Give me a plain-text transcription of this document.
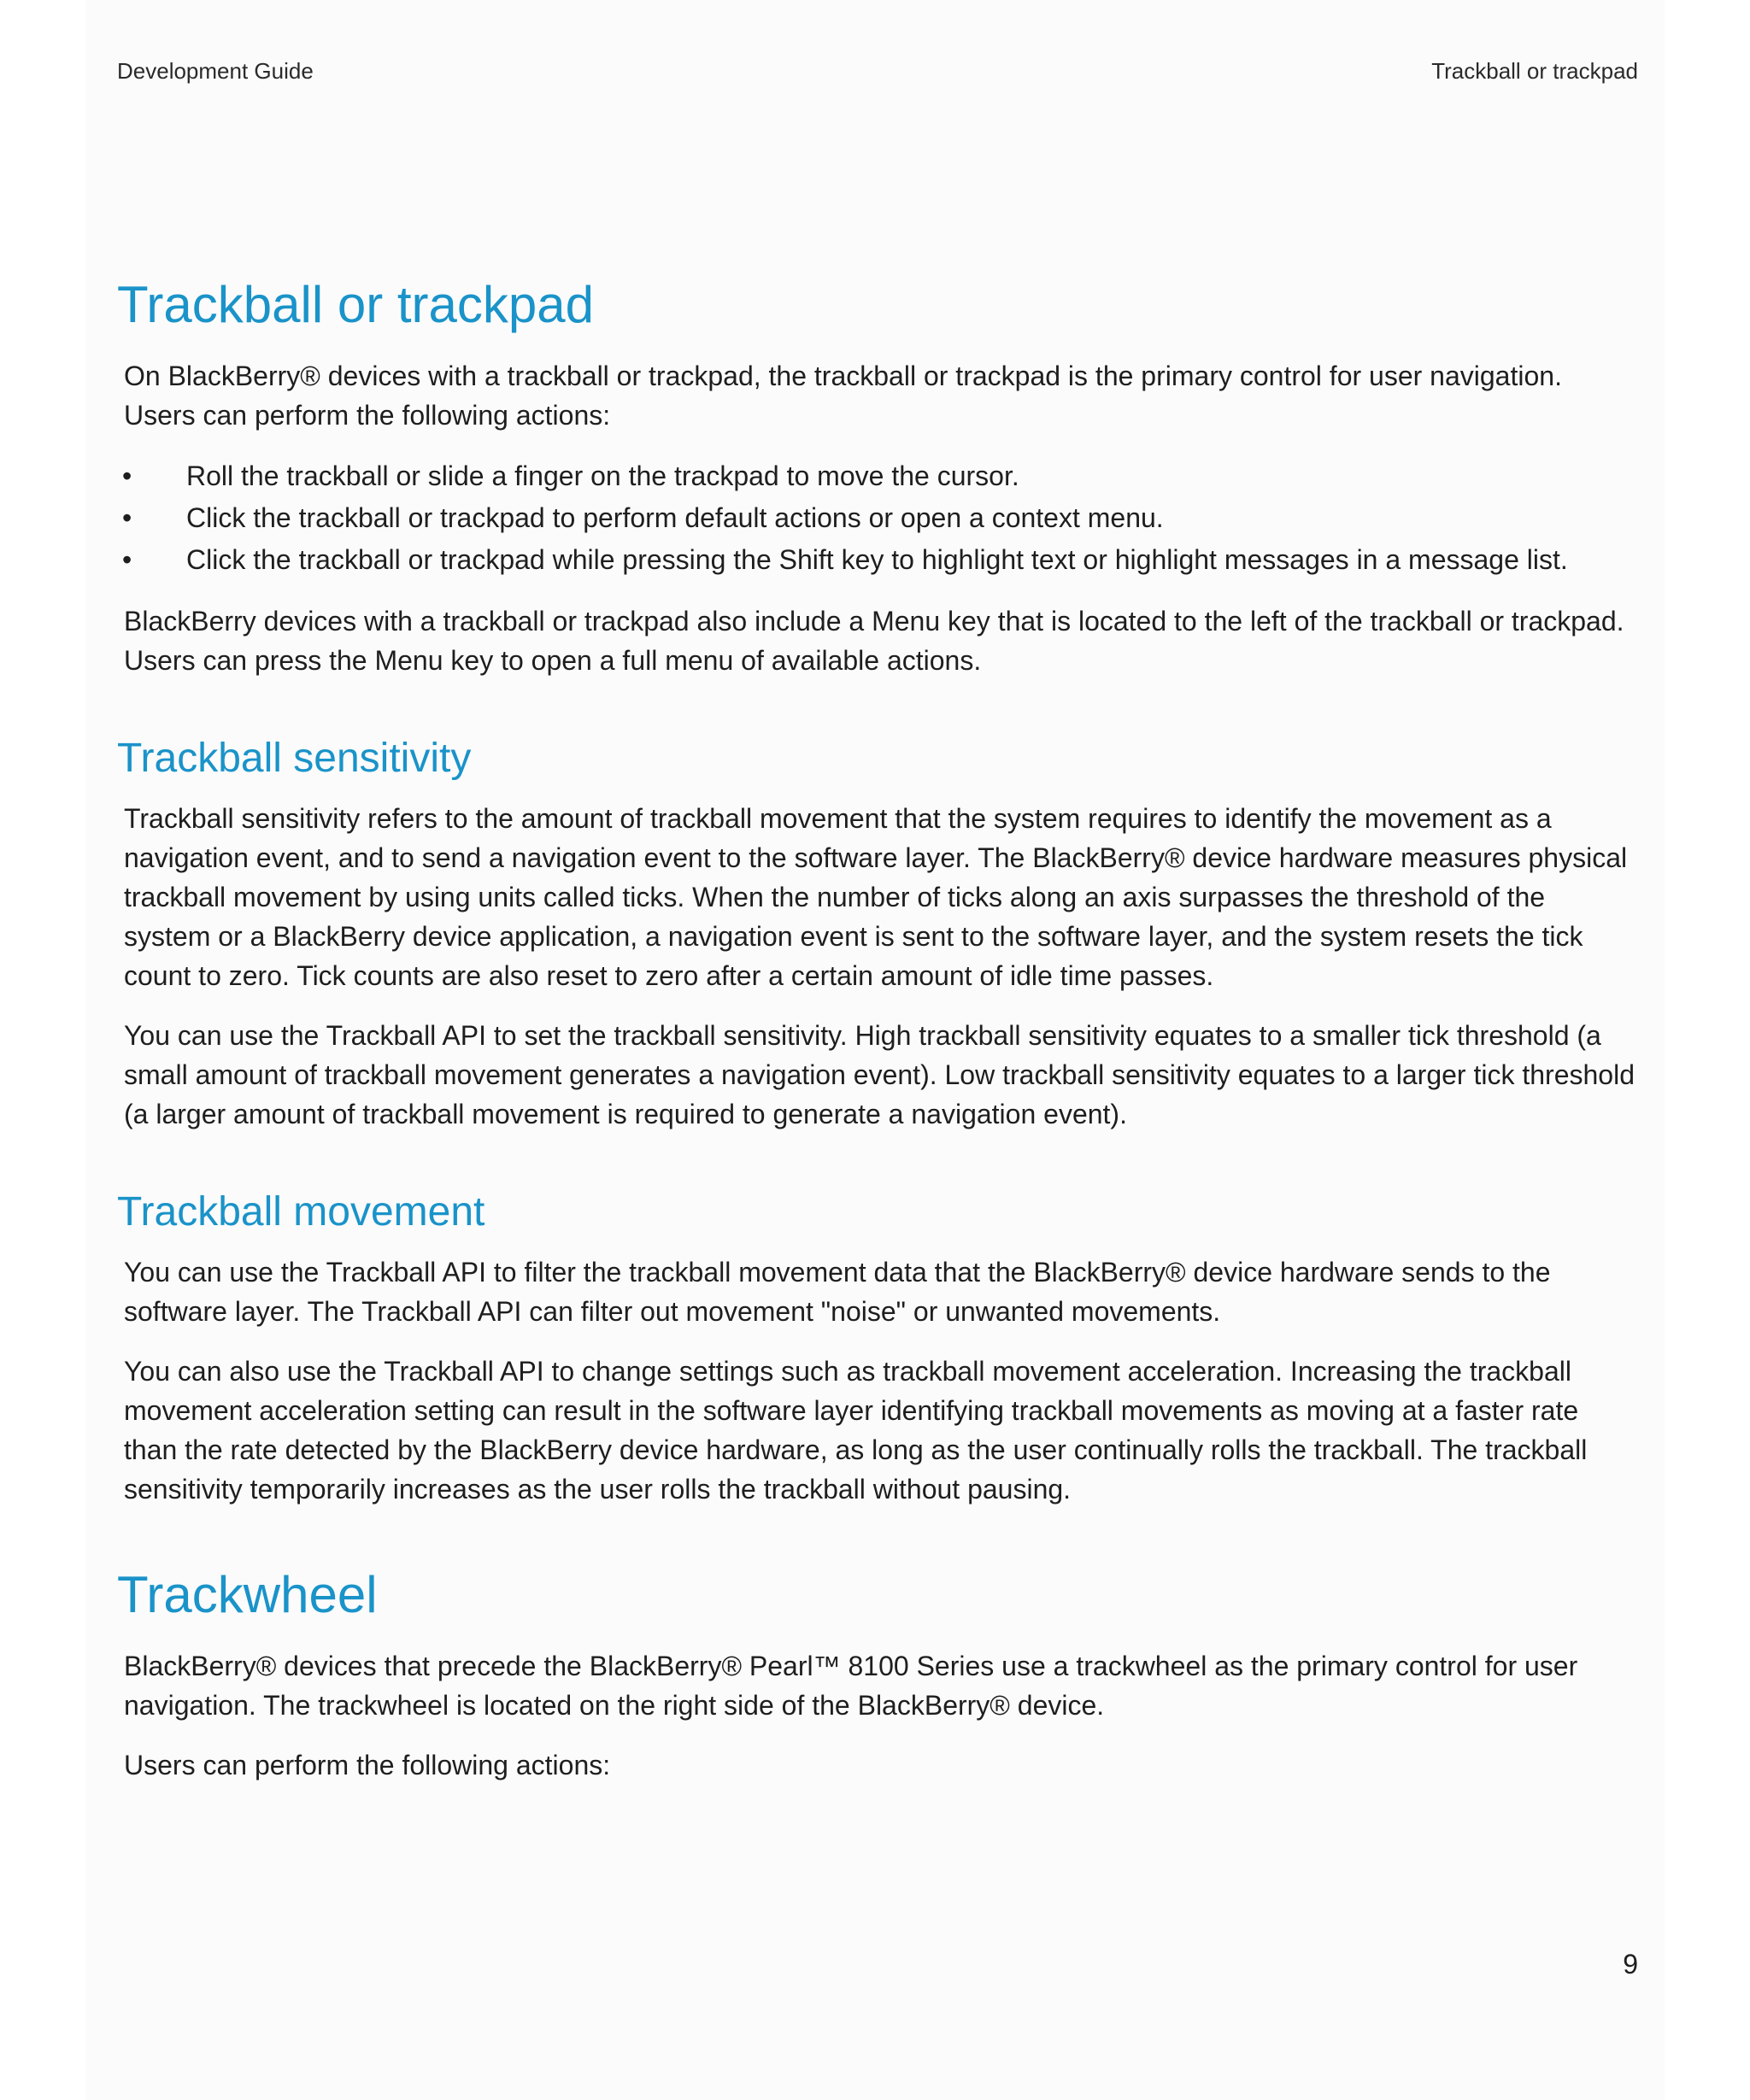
Development Guide	Trackball or trackpad
Trackball or trackpad

On BlackBerry® devices with a trackball or trackpad, the trackball or trackpad is the primary control for user navigation. Users can perform the following actions:

• Roll the trackball or slide a finger on the trackpad to move the cursor.
• Click the trackball or trackpad to perform default actions or open a context menu.
• Click the trackball or trackpad while pressing the Shift key to highlight text or highlight messages in a message list.

BlackBerry devices with a trackball or trackpad also include a Menu key that is located to the left of the trackball or trackpad. Users can press the Menu key to open a full menu of available actions.

Trackball sensitivity

Trackball sensitivity refers to the amount of trackball movement that the system requires to identify the movement as a navigation event, and to send a navigation event to the software layer. The BlackBerry® device hardware measures physical trackball movement by using units called ticks. When the number of ticks along an axis surpasses the threshold of the system or a BlackBerry device application, a navigation event is sent to the software layer, and the system resets the tick count to zero. Tick counts are also reset to zero after a certain amount of idle time passes.

You can use the Trackball API to set the trackball sensitivity. High trackball sensitivity equates to a smaller tick threshold (a small amount of trackball movement generates a navigation event). Low trackball sensitivity equates to a larger tick threshold (a larger amount of trackball movement is required to generate a navigation event).

Trackball movement

You can use the Trackball API to filter the trackball movement data that the BlackBerry® device hardware sends to the software layer. The Trackball API can filter out movement "noise" or unwanted movements.

You can also use the Trackball API to change settings such as trackball movement acceleration. Increasing the trackball movement acceleration setting can result in the software layer identifying trackball movements as moving at a faster rate than the rate detected by the BlackBerry device hardware, as long as the user continually rolls the trackball. The trackball sensitivity temporarily increases as the user rolls the trackball without pausing.

Trackwheel

BlackBerry® devices that precede the BlackBerry® Pearl™ 8100 Series use a trackwheel as the primary control for user navigation. The trackwheel is located on the right side of the BlackBerry® device.

Users can perform the following actions:

9
